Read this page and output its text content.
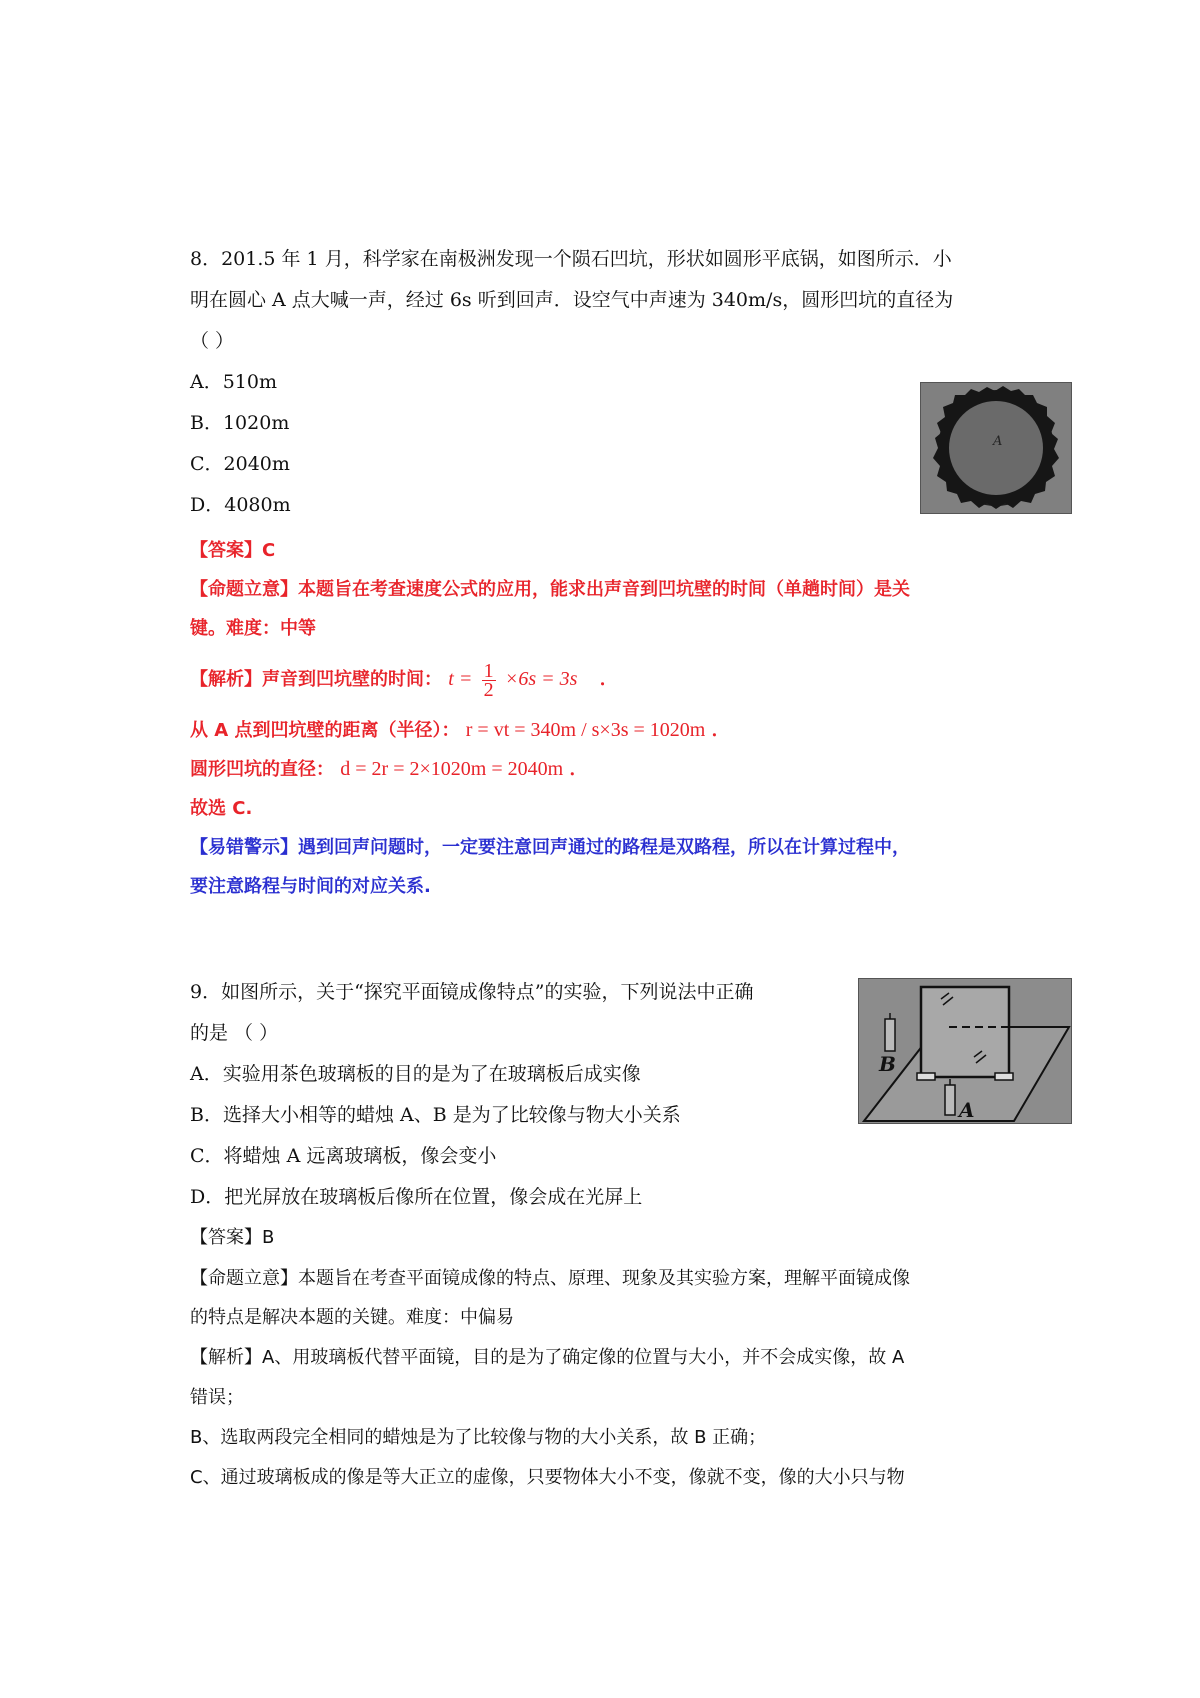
8．201.5 年 1 月，科学家在南极洲发现一个陨石凹坑，形状如圆形平底锅，如图所示．小
明在圆心 A 点大喊一声，经过 6s 听到回声．设空气中声速为 340m/s，圆形凹坑的直径为
（ ）
A．510m
B．1020m
C．2040m
D．4080m
A
【答案】C
【命题立意】本题旨在考查速度公式的应用，能求出声音到凹坑壁的时间（单趟时间）是关
键。难度：中等
【解析】声音到凹坑壁的时间： $t = \frac{1}{2} \times 6s = 3s$ ．
从 A 点到凹坑壁的距离（半径）： r = vt = 340m / s×3s = 1020m ．
圆形凹坑的直径： d = 2r = 2×1020m = 2040m ．
故选 C.
【易错警示】遇到回声问题时，一定要注意回声通过的路程是双路程，所以在计算过程中，
要注意路程与时间的对应关系.
9．如图所示，关于“探究平面镜成像特点”的实验，下列说法中正确
的是 （ ）
A．实验用茶色玻璃板的目的是为了在玻璃板后成实像
B．选择大小相等的蜡烛 A、B 是为了比较像与物大小关系
C．将蜡烛 A 远离玻璃板，像会变小
D．把光屏放在玻璃板后像所在位置，像会成在光屏上
B
A
【答案】B
【命题立意】本题旨在考查平面镜成像的特点、原理、现象及其实验方案，理解平面镜成像
的特点是解决本题的关键。难度：中偏易
【解析】A、用玻璃板代替平面镜，目的是为了确定像的位置与大小，并不会成实像，故 A
错误；
B、选取两段完全相同的蜡烛是为了比较像与物的大小关系，故 B 正确；
C、通过玻璃板成的像是等大正立的虚像，只要物体大小不变，像就不变，像的大小只与物
